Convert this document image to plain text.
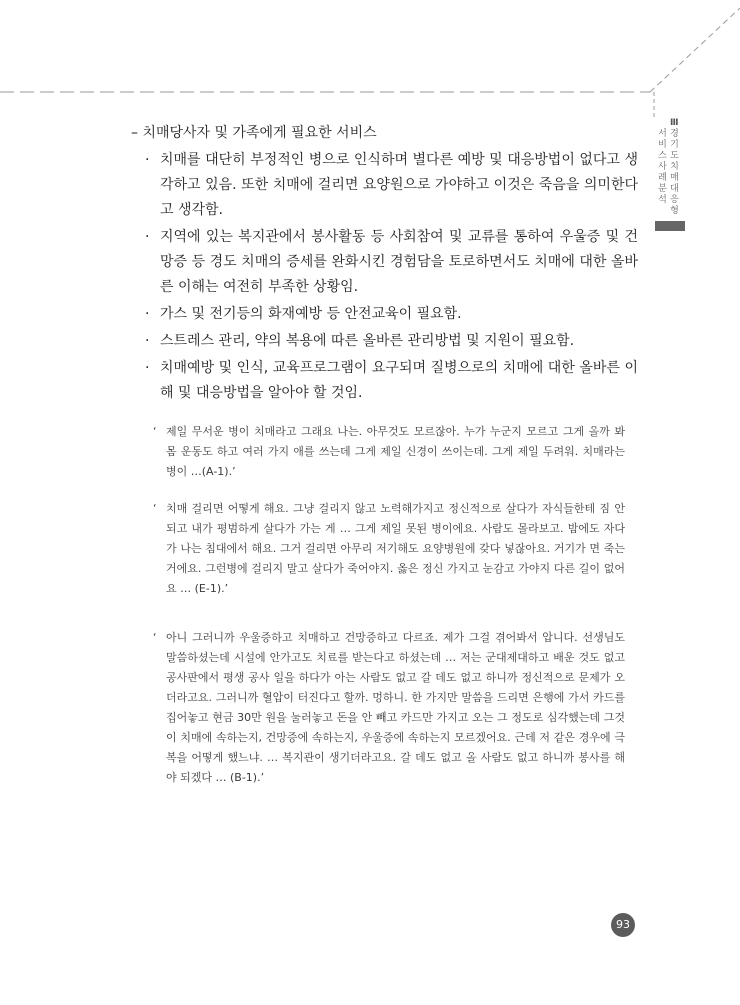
– 치매당사자 및 가족에게 필요한 서비스
· 치매를 대단히 부정적인 병으로 인식하며 별다른 예방 및 대응방법이 없다고 생각하고 있음. 또한 치매에 걸리면 요양원으로 가야하고 이것은 죽음을 의미한다고 생각함.
· 지역에 있는 복지관에서 봉사활동 등 사회참여 및 교류를 통하여 우울증 및 건망증 등 경도 치매의 증세를 완화시킨 경험담을 토로하면서도 치매에 대한 올바른 이해는 여전히 부족한 상황임.
· 가스 및 전기등의 화재예방 등 안전교육이 필요함.
· 스트레스 관리, 약의 복용에 따른 올바른 관리방법 및 지원이 필요함.
· 치매예방 및 인식, 교육프로그램이 요구되며 질병으로의 치매에 대한 올바른 이해 및 대응방법을 알아야 할 것임.
‘ 제일 무서운 병이 치매라고 그래요 나는. 아무것도 모르잖아. 누가 누군지 모르고 그게 올까 봐 몸 운동도 하고 여러 가지 애를 쓰는데 그게 제일 신경이 쓰이는데. 그게 제일 두려워. 치매라는 병이 …(A-1).’
‘ 치매 걸리면 어떻게 해요. 그냥 걸리지 않고 노력해가지고 정신적으로 살다가 자식들한테 짐 안 되고 내가 평범하게 살다가 가는 게 … 그게 제일 못된 병이에요. 사람도 몰라보고. 밤에도 자다가 나는 침대에서 해요. 그거 걸리면 아무리 저기해도 요양병원에 갖다 넣잖아요. 거기가 면 죽는 거에요. 그런병에 걸리지 말고 살다가 죽어야지. 옳은 정신 가지고 눈감고 가야지 다른 길이 없어요 … (E-1).’
‘ 아니 그러니까 우울증하고 치매하고 건망증하고 다르죠. 제가 그걸 겪어봐서 압니다. 선생님도 말씀하셨는데 시설에 안가고도 치료를 받는다고 하셨는데 … 저는 군대제대하고 배운 것도 없고 공사판에서 평생 공사 일을 하다가 아는 사람도 없고 갈 데도 없고 하니까 정신적으로 문제가 오더라고요. 그러니까 혈압이 터진다고 할까. 멍하니. 한 가지만 말씀을 드리면 은행에 가서 카드를 집어놓고 현금 30만 원을 눌러놓고 돈을 안 빼고 카드만 가지고 오는 그 정도로 심각했는데 그것이 치매에 속하는지, 건망증에 속하는지, 우울증에 속하는지 모르겠어요. 근데 저 같은 경우에 극복을 어떻게 했느냐. … 복지관이 생기더라고요. 갈 데도 없고 올 사람도 없고 하니까 봉사를 해야 되겠다 … (B-1).’
Ⅲ
경기도 치매대응형
서비스 사례분석
93
